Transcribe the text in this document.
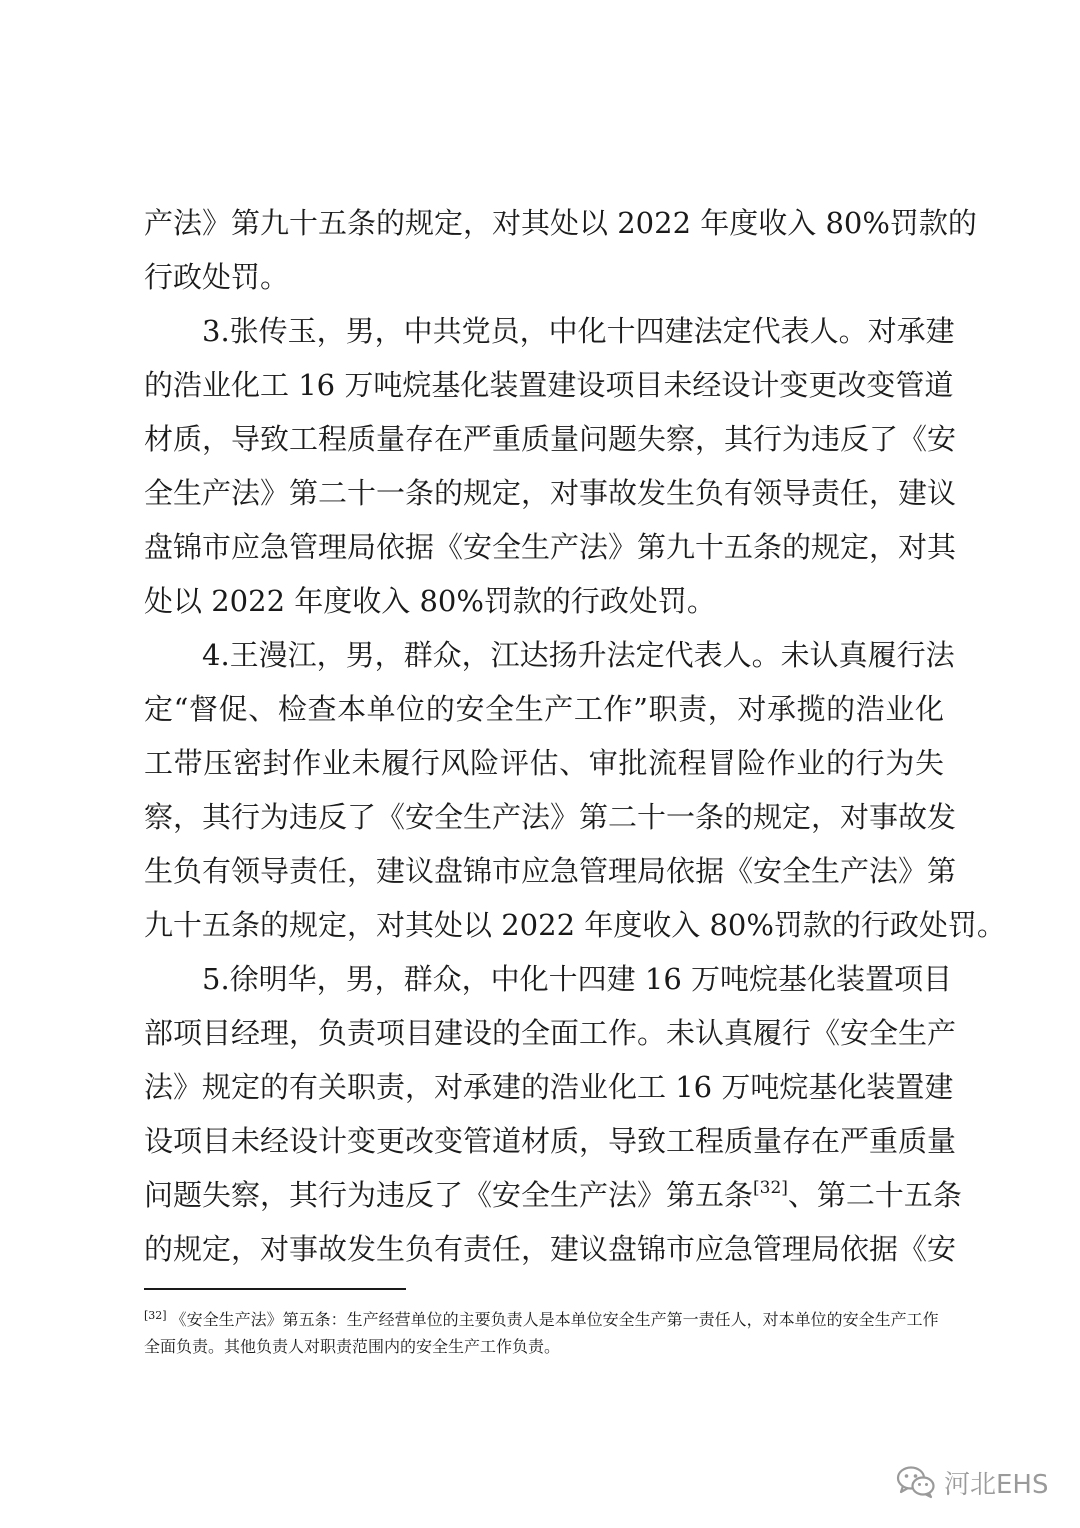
产法》第九十五条的规定，对其处以 2022 年度收入 80%罚款的
行政处罚。
3.张传玉，男，中共党员，中化十四建法定代表人。对承建
的浩业化工 16 万吨烷基化装置建设项目未经设计变更改变管道
材质，导致工程质量存在严重质量问题失察，其行为违反了《安
全生产法》第二十一条的规定，对事故发生负有领导责任，建议
盘锦市应急管理局依据《安全生产法》第九十五条的规定，对其
处以 2022 年度收入 80%罚款的行政处罚。
4.王漫江，男，群众，江达扬升法定代表人。未认真履行法
定“督促、检查本单位的安全生产工作”职责，对承揽的浩业化
工带压密封作业未履行风险评估、审批流程冒险作业的行为失
察，其行为违反了《安全生产法》第二十一条的规定，对事故发
生负有领导责任，建议盘锦市应急管理局依据《安全生产法》第
九十五条的规定，对其处以 2022 年度收入 80%罚款的行政处罚。
5.徐明华，男，群众，中化十四建 16 万吨烷基化装置项目
部项目经理，负责项目建设的全面工作。未认真履行《安全生产
法》规定的有关职责，对承建的浩业化工 16 万吨烷基化装置建
设项目未经设计变更改变管道材质，导致工程质量存在严重质量
问题失察，其行为违反了《安全生产法》第五条[32]、第二十五条
的规定，对事故发生负有责任，建议盘锦市应急管理局依据《安
[32] 《安全生产法》第五条：生产经营单位的主要负责人是本单位安全生产第一责任人，对本单位的安全生产工作
全面负责。其他负责人对职责范围内的安全生产工作负责。
河北EHS
